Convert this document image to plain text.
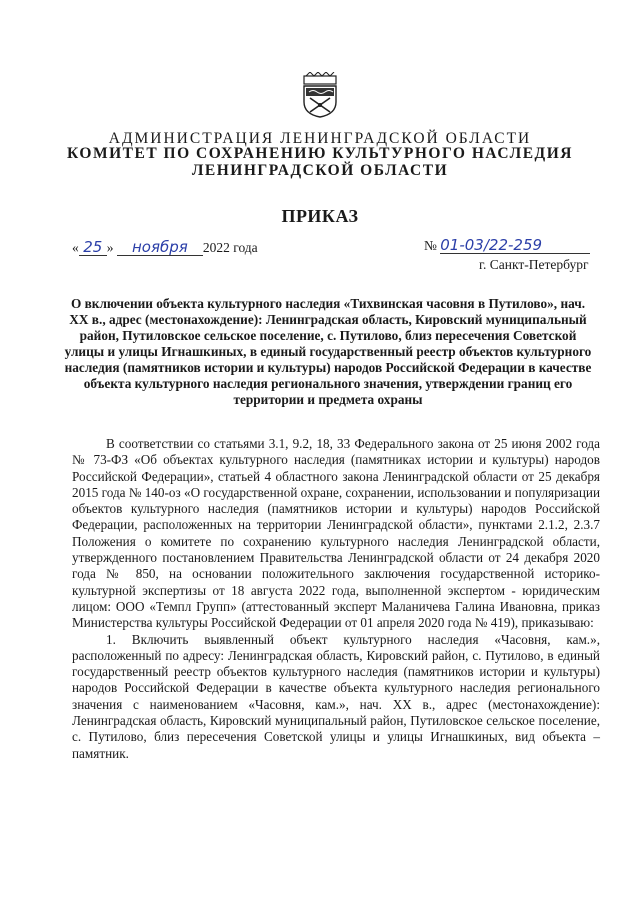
АДМИНИСТРАЦИЯ ЛЕНИНГРАДСКОЙ ОБЛАСТИ
КОМИТЕТ ПО СОХРАНЕНИЮ КУЛЬТУРНОГО НАСЛЕДИЯ
ЛЕНИНГРАДСКОЙ ОБЛАСТИ
ПРИКАЗ
« 25 » ноября 2022 года	№ 01-03/22-259
г. Санкт-Петербург
О включении объекта культурного наследия «Тихвинская часовня в Путилово», нач. XX в., адрес (местонахождение): Ленинградская область, Кировский муниципальный район, Путиловское сельское поселение, с. Путилово, близ пересечения Советской улицы и улицы Игнашкиных, в единый государственный реестр объектов культурного наследия (памятников истории и культуры) народов Российской Федерации в качестве объекта культурного наследия регионального значения, утверждении границ его территории и предмета охраны

В соответствии со статьями 3.1, 9.2, 18, 33 Федерального закона от 25 июня 2002 года № 73-ФЗ «Об объектах культурного наследия (памятниках истории и культуры) народов Российской Федерации», статьей 4 областного закона Ленинградской области от 25 декабря 2015 года № 140-оз «О государственной охране, сохранении, использовании и популяризации объектов культурного наследия (памятников истории и культуры) народов Российской Федерации, расположенных на территории Ленинградской области», пунктами 2.1.2, 2.3.7 Положения о комитете по сохранению культурного наследия Ленинградской области, утвержденного постановлением Правительства Ленинградской области от 24 декабря 2020 года № 850, на основании положительного заключения государственной историко-культурной экспертизы от 18 августа 2022 года, выполненной экспертом - юридическим лицом: ООО «Темпл Групп» (аттестованный эксперт Маланичева Галина Ивановна, приказ Министерства культуры Российской Федерации от 01 апреля 2020 года № 419), приказываю:

1. Включить выявленный объект культурного наследия «Часовня, кам.», расположенный по адресу: Ленинградская область, Кировский район, с. Путилово, в единый государственный реестр объектов культурного наследия (памятников истории и культуры) народов Российской Федерации в качестве объекта культурного наследия регионального значения с наименованием «Часовня, кам.», нач. XX в., адрес (местонахождение): Ленинградская область, Кировский муниципальный район, Путиловское сельское поселение, с. Путилово, близ пересечения Советской улицы и улицы Игнашкиных, вид объекта – памятник.
